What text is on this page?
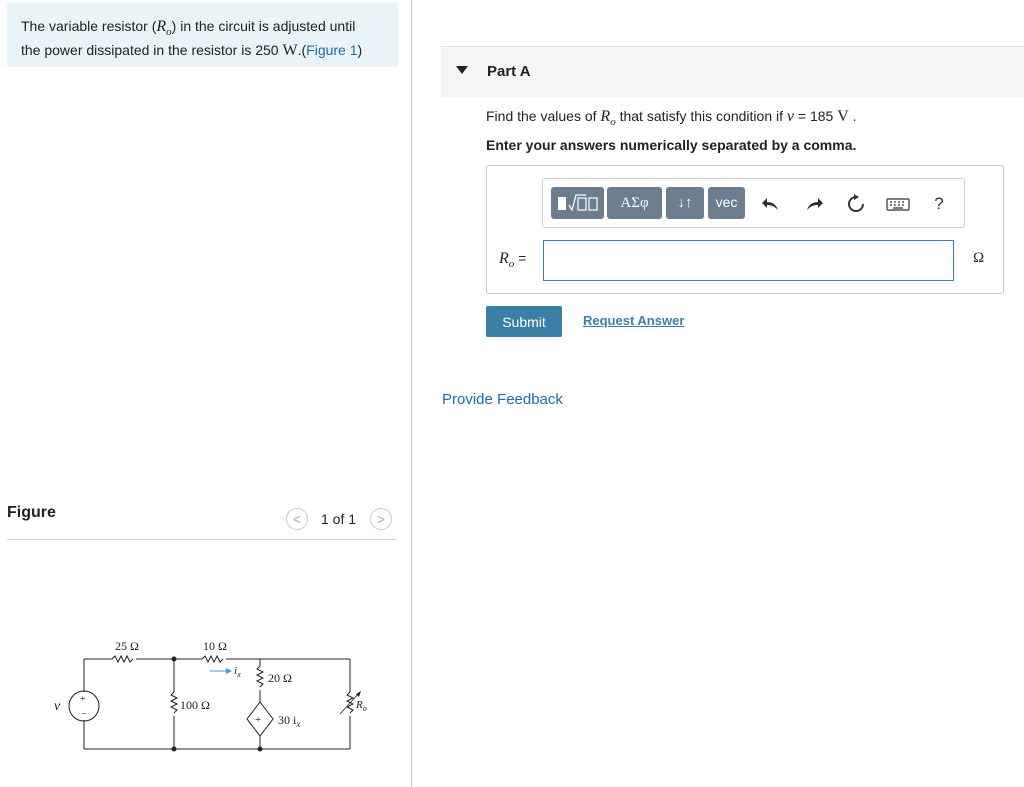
The variable resistor $(R_o)$ in the circuit is adjusted until
the power dissipated in the resistor is 250 W.(Figure 1)
Figure	<	1 of 1	>
25 Ω	10 Ω
100 Ω
20 Ω
$i_x$
30 $i_x$
$R_o$
v +
−	+
Part A
Find the values of $R_o$ that satisfy this condition if v = 185 V .
Enter your answers numerically separated by a comma.
ΑΣφ	↓↑	vec	?
$R_o$ =	Ω
Submit	Request Answer
Provide Feedback
